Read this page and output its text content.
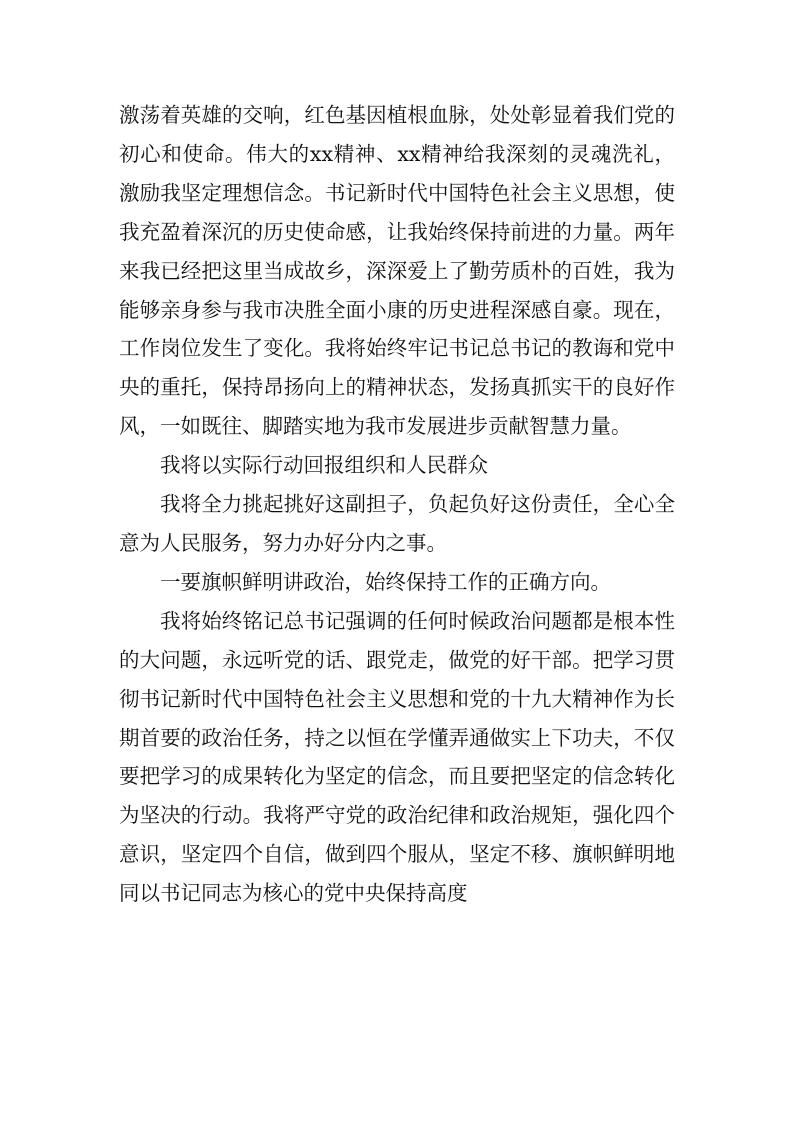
激荡着英雄的交响，红色基因植根血脉，处处彰显着我们党的初心和使命。伟大的xx精神、xx精神给我深刻的灵魂洗礼，激励我坚定理想信念。书记新时代中国特色社会主义思想，使我充盈着深沉的历史使命感，让我始终保持前进的力量。两年来我已经把这里当成故乡，深深爱上了勤劳质朴的百姓，我为能够亲身参与我市决胜全面小康的历史进程深感自豪。现在，工作岗位发生了变化。我将始终牢记书记总书记的教诲和党中央的重托，保持昂扬向上的精神状态，发扬真抓实干的良好作风，一如既往、脚踏实地为我市发展进步贡献智慧力量。

我将以实际行动回报组织和人民群众

我将全力挑起挑好这副担子，负起负好这份责任，全心全意为人民服务，努力办好分内之事。

一要旗帜鲜明讲政治，始终保持工作的正确方向。

我将始终铭记总书记强调的任何时候政治问题都是根本性的大问题，永远听党的话、跟党走，做党的好干部。把学习贯彻书记新时代中国特色社会主义思想和党的十九大精神作为长期首要的政治任务，持之以恒在学懂弄通做实上下功夫，不仅要把学习的成果转化为坚定的信念，而且要把坚定的信念转化为坚决的行动。我将严守党的政治纪律和政治规矩，强化四个意识，坚定四个自信，做到四个服从，坚定不移、旗帜鲜明地同以书记同志为核心的党中央保持高度
